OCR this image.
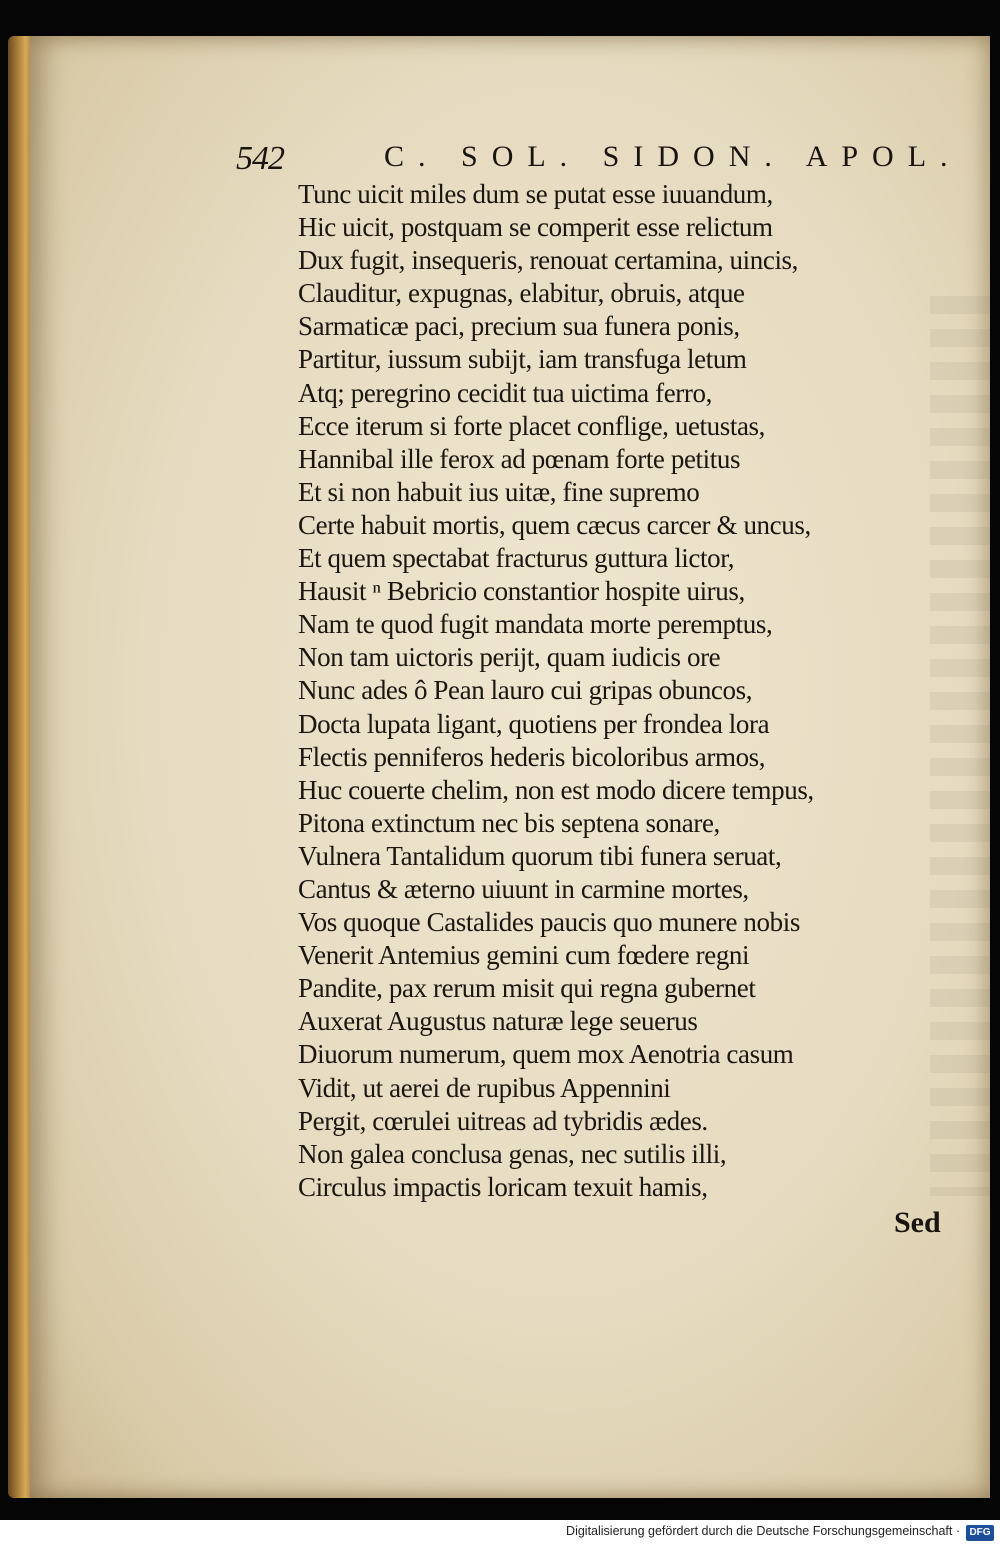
542	C. SOL. SIDON. APOL.
Tunc uicit miles dum se putat esse iuuandum,
Hic uicit, postquam se comperit esse relictum
Dux fugit, insequeris, renouat certamina, uincis,
Clauditur, expugnas, elabitur, obruis, atque
Sarmaticæ paci, precium sua funera ponis,
Partitur, iussum subijt, iam transfuga letum
Atq; peregrino cecidit tua uictima ferro,
Ecce iterum si forte placet conflige, uetustas,
Hannibal ille ferox ad pœnam forte petitus
Et si non habuit ius uitæ, fine supremo
Certe habuit mortis, quem cæcus carcer & uncus,
Et quem spectabat fracturus guttura lictor,
Hausit ⁿ Bebricio constantior hospite uirus,
Nam te quod fugit mandata morte peremptus,
Non tam uictoris perijt, quam iudicis ore
Nunc ades ô Pean lauro cui gripas obuncos,
Docta lupata ligant, quotiens per frondea lora
Flectis penniferos hederis bicoloribus armos,
Huc couerte chelim, non est modo dicere tempus,
Pitona extinctum nec bis septena sonare,
Vulnera Tantalidum quorum tibi funera seruat,
Cantus & æterno uiuunt in carmine mortes,
Vos quoque Castalides paucis quo munere nobis
Venerit Antemius gemini cum fœdere regni
Pandite, pax rerum misit qui regna gubernet
Auxerat Augustus naturæ lege seuerus
Diuorum numerum, quem mox Aenotria casum
Vidit, ut aerei de rupibus Appennini
Pergit, cœrulei uitreas ad tybridis ædes.
Non galea conclusa genas, nec sutilis illi,
Circulus impactis loricam texuit hamis,
Sed
Digitalisierung gefördert durch die Deutsche Forschungsgemeinschaft · DFG
